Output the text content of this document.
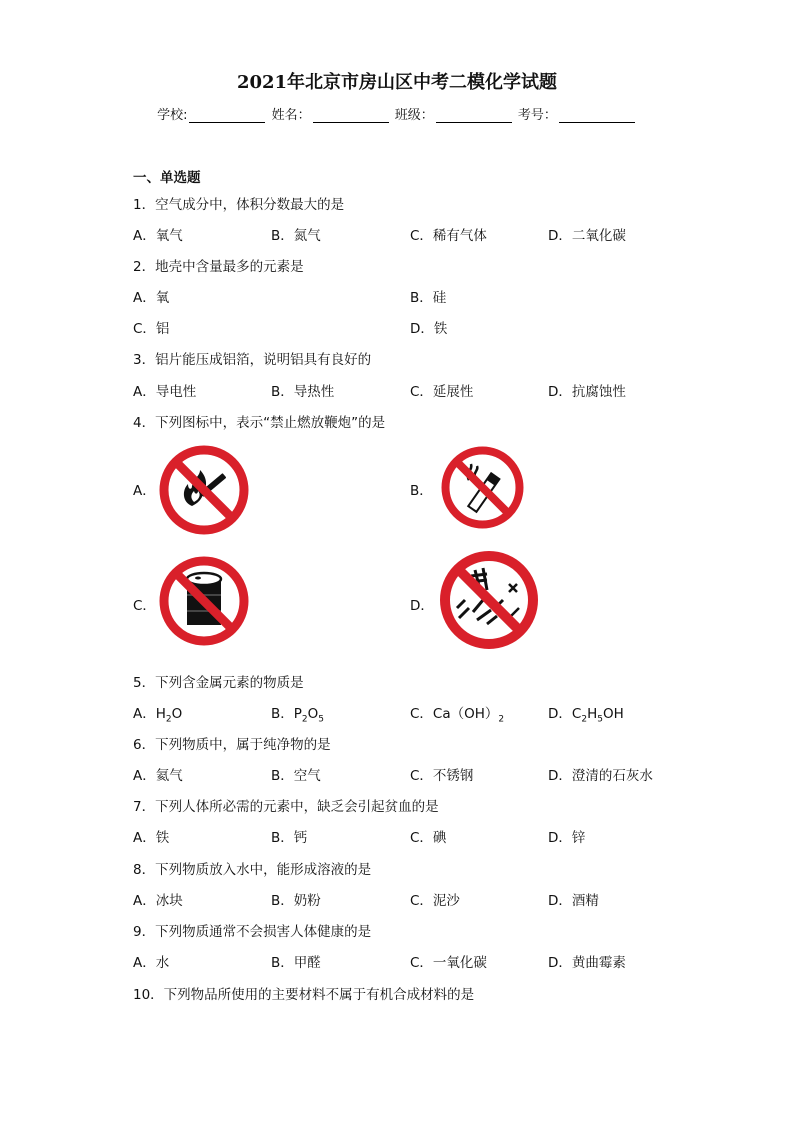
2021年北京市房山区中考二模化学试题
学校:	姓名：	班级：	考号：
一、单选题
1．空气成分中，体积分数最大的是
A．氧气	B．氮气	C．稀有气体	D．二氧化碳
2．地壳中含量最多的元素是
A．氧	B．硅
C．铝	D．铁
3．铝片能压成铝箔，说明铝具有良好的
A．导电性	B．导热性	C．延展性	D．抗腐蚀性
4．下列图标中，表示“禁止燃放鞭炮”的是
A．	B．
C．	D．
5．下列含金属元素的物质是
A．$H_2O$	B．$P_2O_5$	C．$Ca(OH)_2$	D．$C_2H_5OH$
6．下列物质中，属于纯净物的是
A．氦气	B．空气	C．不锈钢	D．澄清的石灰水
7．下列人体所必需的元素中，缺乏会引起贫血的是
A．铁	B．钙	C．碘	D．锌
8．下列物质放入水中，能形成溶液的是
A．冰块	B．奶粉	C．泥沙	D．酒精
9．下列物质通常不会损害人体健康的是
A．水	B．甲醛	C．一氧化碳	D．黄曲霉素
10．下列物品所使用的主要材料不属于有机合成材料的是
